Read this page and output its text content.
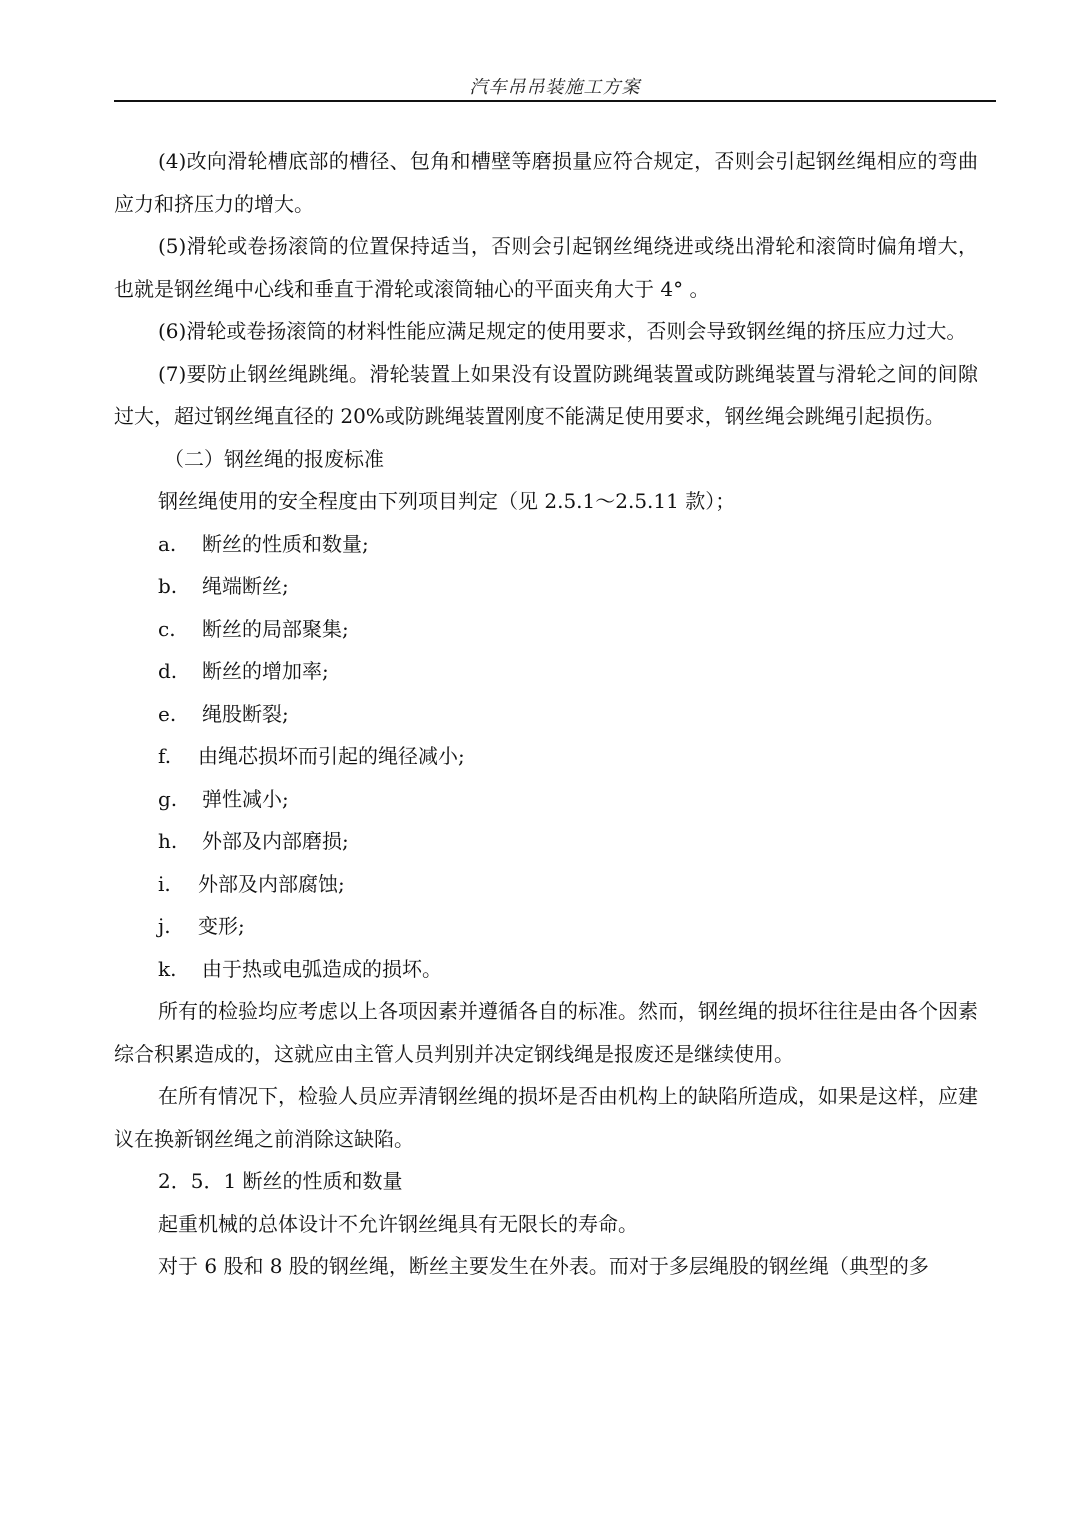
汽车吊吊装施工方案

(4)改向滑轮槽底部的槽径、包角和槽壁等磨损量应符合规定，否则会引起钢丝绳相应的弯曲应力和挤压力的增大。

(5)滑轮或卷扬滚筒的位置保持适当，否则会引起钢丝绳绕进或绕出滑轮和滚筒时偏角增大，也就是钢丝绳中心线和垂直于滑轮或滚筒轴心的平面夹角大于 4° 。

(6)滑轮或卷扬滚筒的材料性能应满足规定的使用要求，否则会导致钢丝绳的挤压应力过大。

(7)要防止钢丝绳跳绳。滑轮装置上如果没有设置防跳绳装置或防跳绳装置与滑轮之间的间隙过大，超过钢丝绳直径的 20%或防跳绳装置刚度不能满足使用要求，钢丝绳会跳绳引起损伤。

（二）钢丝绳的报废标准

钢丝绳使用的安全程度由下列项目判定（见 2.5.1～2.5.11 款）；

a.	断丝的性质和数量;
b.	绳端断丝;
c.	断丝的局部聚集;
d.	断丝的增加率;
e.	绳股断裂;
f.	由绳芯损坏而引起的绳径减小;
g.	弹性减小;
h.	外部及内部磨损;
i.	外部及内部腐蚀;
j.	变形;
k.	由于热或电弧造成的损坏。

所有的检验均应考虑以上各项因素并遵循各自的标准。然而，钢丝绳的损坏往往是由各个因素综合积累造成的，这就应由主管人员判别并决定钢线绳是报废还是继续使用。

在所有情况下，检验人员应弄清钢丝绳的损坏是否由机构上的缺陷所造成，如果是这样，应建议在换新钢丝绳之前消除这缺陷。

2．5．1 断丝的性质和数量

起重机械的总体设计不允许钢丝绳具有无限长的寿命。

对于 6 股和 8 股的钢丝绳，断丝主要发生在外表。而对于多层绳股的钢丝绳（典型的多
